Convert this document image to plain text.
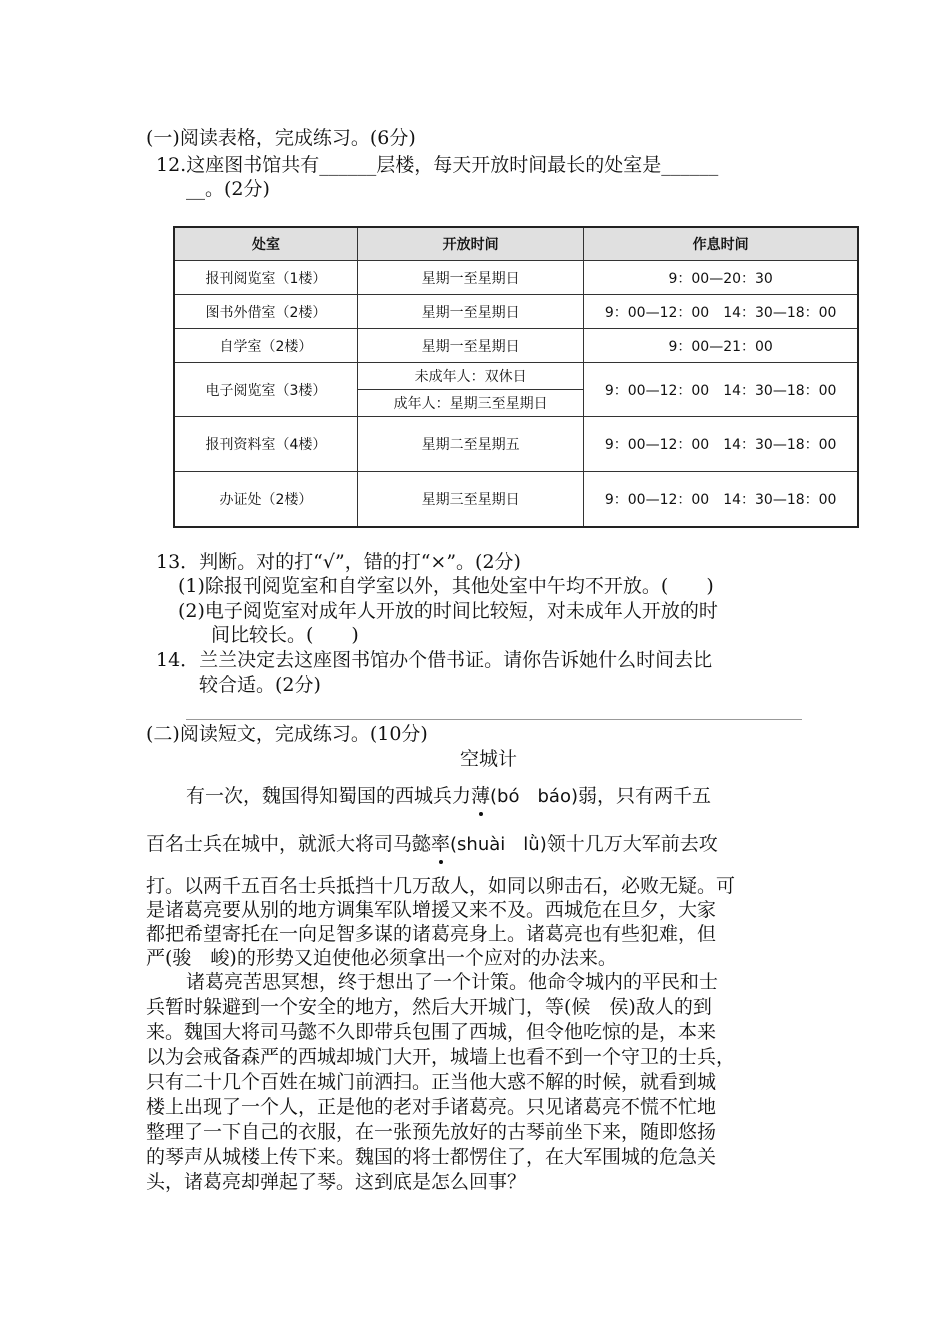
(一)阅读表格，完成练习。(6分)
12.这座图书馆共有______层楼，每天开放时间最长的处室是______
__。(2分)
处室	开放时间	作息时间
报刊阅览室（1楼）	星期一至星期日	9：00—20：30
图书外借室（2楼）	星期一至星期日	9：00—12：00　14：30—18：00
自学室（2楼）	星期一至星期日	9：00—21：00
电子阅览室（3楼）	未成年人：双休日	9：00—12：00　14：30—18：00
	成年人：星期三至星期日	
报刊资料室（4楼）	星期二至星期五	9：00—12：00　14：30—18：00
办证处（2楼）	星期三至星期日	9：00—12：00　14：30—18：00
13．判断。对的打“√”，错的打“×”。(2分)
(1)除报刊阅览室和自学室以外，其他处室中午均不开放。(　　)
(2)电子阅览室对成年人开放的时间比较短，对未成年人开放的时
间比较长。(　　)
14．兰兰决定去这座图书馆办个借书证。请你告诉她什么时间去比
较合适。(2分)
(二)阅读短文，完成练习。(10分)
空城计
有一次，魏国得知蜀国的西城兵力薄(bó　báo)弱，只有两千五
百名士兵在城中，就派大将司马懿率(shuài　lǜ)领十几万大军前去攻
打。以两千五百名士兵抵挡十几万敌人，如同以卵击石，必败无疑。可
是诸葛亮要从别的地方调集军队增援又来不及。西城危在旦夕，大家
都把希望寄托在一向足智多谋的诸葛亮身上。诸葛亮也有些犯难，但
严(骏　峻)的形势又迫使他必须拿出一个应对的办法来。
诸葛亮苦思冥想，终于想出了一个计策。他命令城内的平民和士
兵暂时躲避到一个安全的地方，然后大开城门，等(候　侯)敌人的到
来。魏国大将司马懿不久即带兵包围了西城，但令他吃惊的是，本来
以为会戒备森严的西城却城门大开，城墙上也看不到一个守卫的士兵，
只有二十几个百姓在城门前洒扫。正当他大惑不解的时候，就看到城
楼上出现了一个人，正是他的老对手诸葛亮。只见诸葛亮不慌不忙地
整理了一下自己的衣服，在一张预先放好的古琴前坐下来，随即悠扬
的琴声从城楼上传下来。魏国的将士都愣住了，在大军围城的危急关
头，诸葛亮却弹起了琴。这到底是怎么回事？
